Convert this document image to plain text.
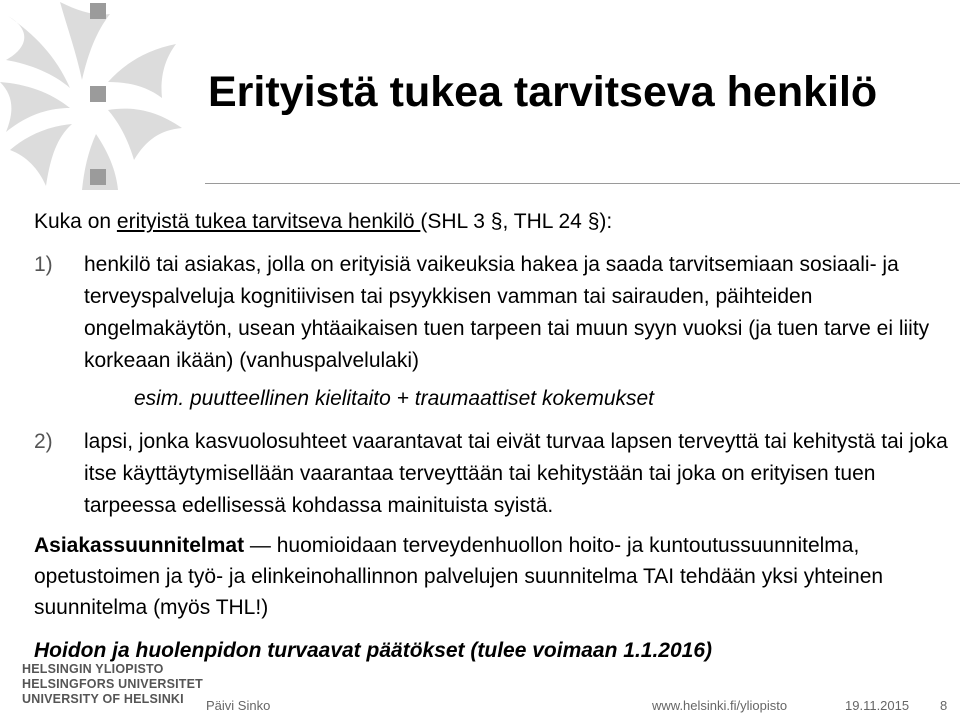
Erityistä tukea tarvitseva henkilö

Kuka on erityistä tukea tarvitseva henkilö (SHL 3 §, THL 24 §):

1)	henkilö tai asiakas, jolla on erityisiä vaikeuksia hakea ja saada tarvitsemiaan sosiaali- ja terveyspalveluja kognitiivisen tai psyykkisen vamman tai sairauden, päihteiden ongelmakäytön, usean yhtäaikaisen tuen tarpeen tai muun syyn vuoksi (ja tuen tarve ei liity korkeaan ikään) (vanhuspalvelulaki)

esim. puutteellinen kielitaito + traumaattiset kokemukset

2)	lapsi, jonka kasvuolosuhteet vaarantavat tai eivät turvaa lapsen terveyttä tai kehitystä tai joka itse käyttäytymisellään vaarantaa terveyttään tai kehitystään tai joka on erityisen tuen tarpeessa edellisessä kohdassa mainituista syistä.

Asiakassuunnitelmat — huomioidaan terveydenhuollon hoito- ja kuntoutussuunnitelma, opetustoimen ja työ- ja elinkeinohallinnon palvelujen suunnitelma TAI tehdään yksi yhteinen suunnitelma (myös THL!)

Hoidon ja huolenpidon turvaavat päätökset (tulee voimaan 1.1.2016)

HELSINGIN YLIOPISTO
HELSINGFORS UNIVERSITET
UNIVERSITY OF HELSINKI	Päivi Sinko	www.helsinki.fi/yliopisto	19.11.2015 8
